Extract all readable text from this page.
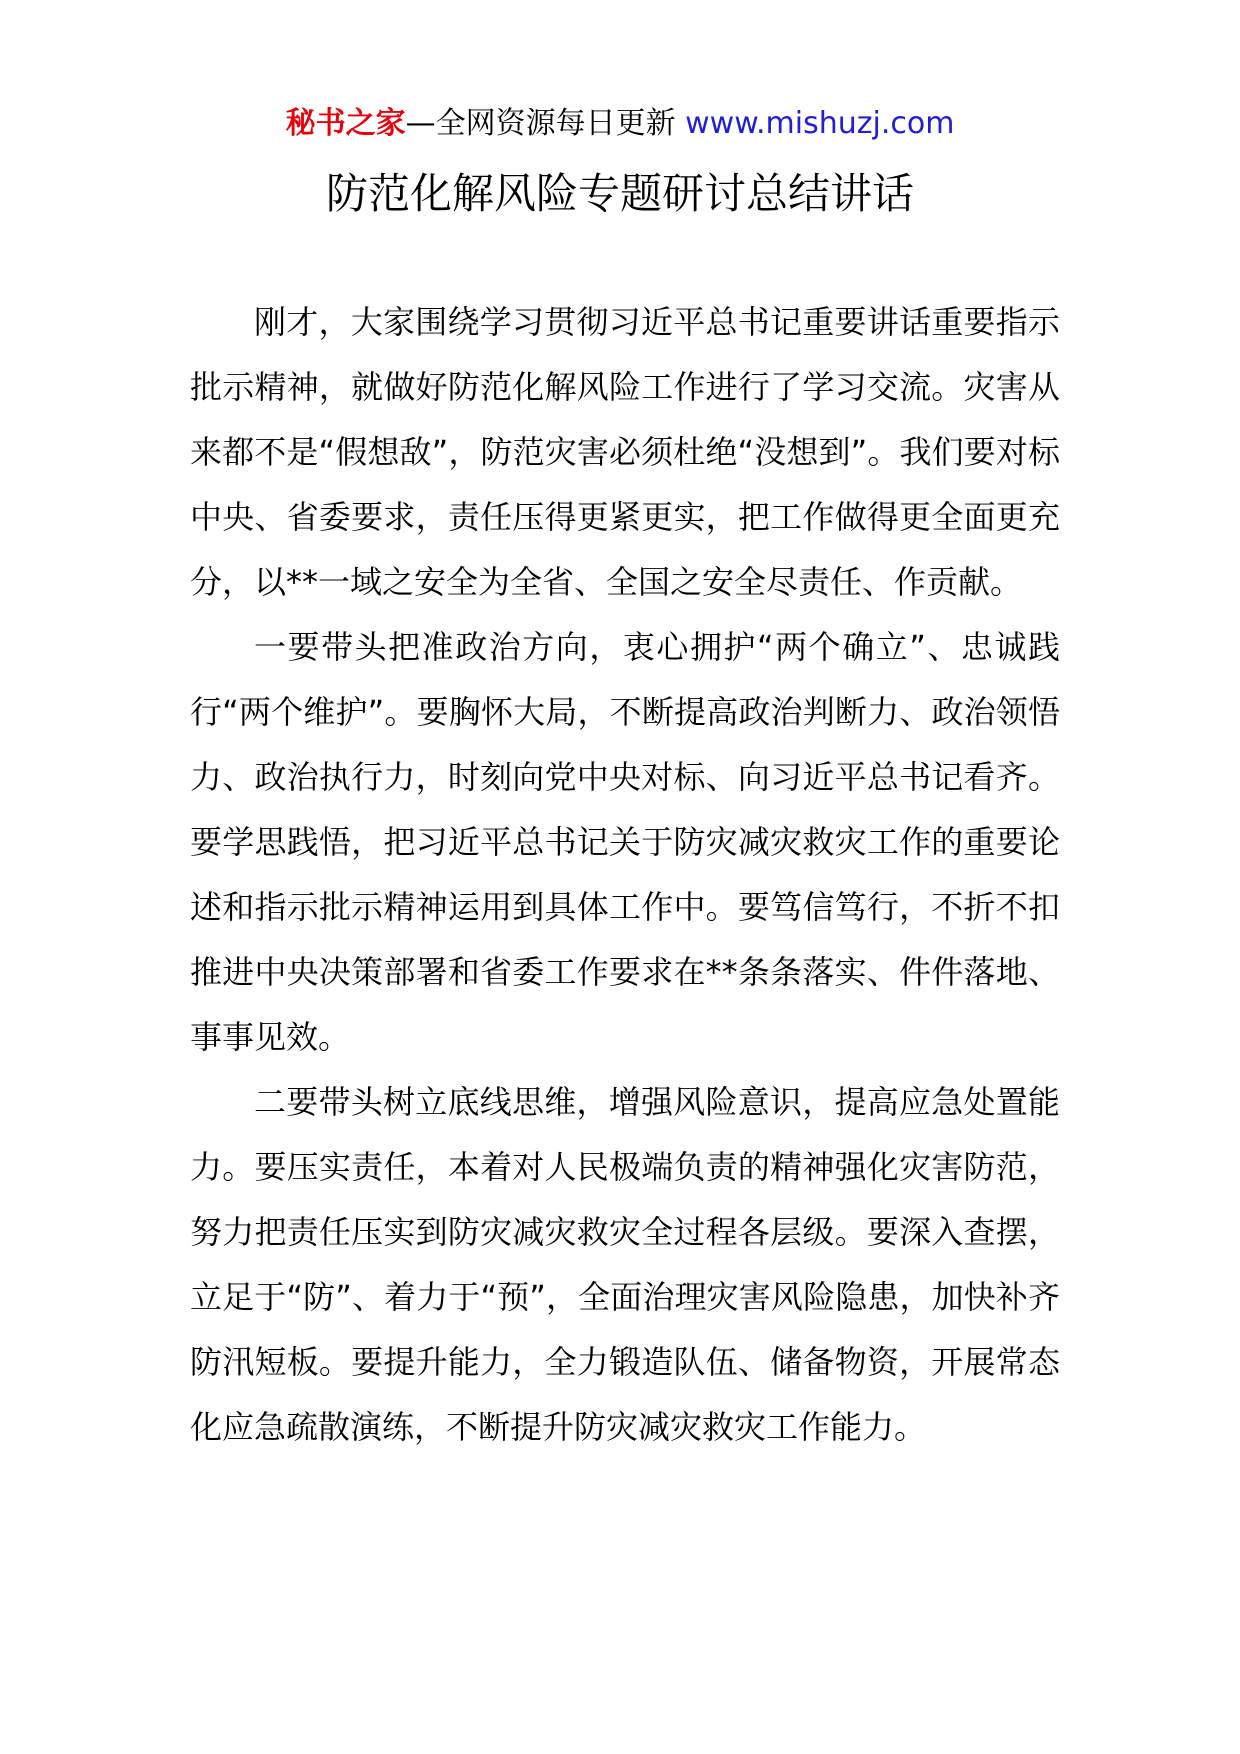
秘书之家—全网资源每日更新 www.mishuzj.com
防范化解风险专题研讨总结讲话

刚才，大家围绕学习贯彻习近平总书记重要讲话重要指示批示精神，就做好防范化解风险工作进行了学习交流。灾害从来都不是“假想敌”，防范灾害必须杜绝“没想到”。我们要对标中央、省委要求，责任压得更紧更实，把工作做得更全面更充分，以**一域之安全为全省、全国之安全尽责任、作贡献。

一要带头把准政治方向，衷心拥护“两个确立”、忠诚践行“两个维护”。要胸怀大局，不断提高政治判断力、政治领悟力、政治执行力，时刻向党中央对标、向习近平总书记看齐。要学思践悟，把习近平总书记关于防灾减灾救灾工作的重要论述和指示批示精神运用到具体工作中。要笃信笃行，不折不扣推进中央决策部署和省委工作要求在**条条落实、件件落地、事事见效。

二要带头树立底线思维，增强风险意识，提高应急处置能力。要压实责任，本着对人民极端负责的精神强化灾害防范，努力把责任压实到防灾减灾救灾全过程各层级。要深入查摆，立足于“防”、着力于“预”，全面治理灾害风险隐患，加快补齐防汛短板。要提升能力，全力锻造队伍、储备物资，开展常态化应急疏散演练，不断提升防灾减灾救灾工作能力。
